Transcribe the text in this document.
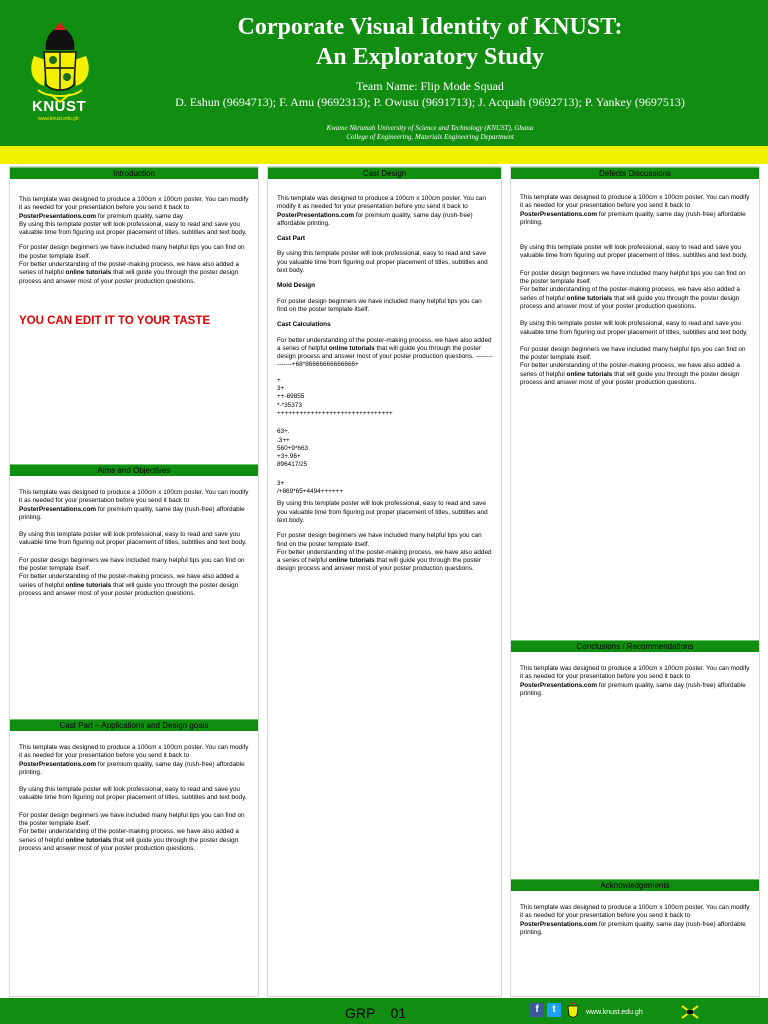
KNUST
www.knust.edu.gh
Corporate Visual Identity of KNUST:
An Exploratory Study
Team Name: Flip Mode Squad
D. Eshun (9694713); F. Amu (9692313); P. Owusu (9691713); J. Acquah (9692713); P. Yankey (9697513)
Kwame Nkrumah University of Science and Technology (KNUST), Ghana
College of Engineering, Materials Engineering Department
Introduction

This template was designed to produce a 100cm x 100cm poster. You can modify it as needed for your presentation before you send it back to PosterPresentations.com for premium quality, same day
By using this template poster will look professional, easy to read and save you valuable time from figuring out proper placement of titles, subtitles and text body.

For poster design beginners we have included many helpful tips you can find on the poster template itself.
For better understanding of the poster-making process, we have also added a series of helpful online tutorials that will guide you through the poster design process and answer most of your poster production questions.

YOU CAN EDIT IT TO YOUR TASTE
Aims and Objectives

This template was designed to produce a 100cm x 100cm poster. You can modify it as needed for your presentation before you send it back to PosterPresentations.com for premium quality, same day (rush-free) affordable printing.

By using this template poster will look professional, easy to read and save you valuable time from figuring out proper placement of titles, subtitles and text body.

For poster design beginners we have included many helpful tips you can find on the poster template itself.
For better understanding of the poster-making process, we have also added a series of helpful online tutorials that will guide you through the poster design process and answer most of your poster production questions.

Cast Part – Applications and Design goals

This template was designed to produce a 100cm x 100cm poster. You can modify it as needed for your presentation before you send it back to PosterPresentations.com for premium quality, same day (rush-free) affordable printing.

By using this template poster will look professional, easy to read and save you valuable time from figuring out proper placement of titles, subtitles and text body.

For poster design beginners we have included many helpful tips you can find on the poster template itself.
For better understanding of the poster-making process, we have also added a series of helpful online tutorials that will guide you through the poster design process and answer most of your poster production questions.

Cast Design

This template was designed to produce a 100cm x 100cm poster. You can modify it as needed for your presentation before you send it back to PosterPresentations.com for premium quality, same day (rush-free) affordable printing.

Cast Part

By using this template poster will look professional, easy to read and save you valuable time from figuring out proper placement of titles, subtitles and text body.

Mold Design

For poster design beginners we have included many helpful tips you can find on the poster template itself.

Cast Calculations

For better understanding of the poster-making process, we have also added a series of helpful online tutorials that will guide you through the poster design process and answer most of your poster production questions. ---------------+68*86666666666666+

+
3+
++-69855
*-*35373
+++++++++++++++++++++++++++++++
63+.
.3++
560+9*663
+3+.96+
896417/25
3+
/+869*65+4494++++++

By using this template poster will look professional, easy to read and save you valuable time from figuring out proper placement of titles, subtitles and text body.

For poster design beginners we have included many helpful tips you can find on the poster template itself.
For better understanding of the poster-making process, we have also added a series of helpful online tutorials that will guide you through the poster design process and answer most of your poster production questions.

Defects Discussions

This template was designed to produce a 100cm x 100cm poster. You can modify it as needed for your presentation before you send it back to PosterPresentations.com for premium quality, same day (rush-free) affordable printing.

By using this template poster will look professional, easy to read and save you valuable time from figuring out proper placement of titles, subtitles and text body.

For poster design beginners we have included many helpful tips you can find on the poster template itself.
For better understanding of the poster-making process, we have also added a series of helpful online tutorials that will guide you through the poster design process and answer most of your poster production questions.

By using this template poster will look professional, easy to read and save you valuable time from figuring out proper placement of titles, subtitles and text body.

For poster design beginners we have included many helpful tips you can find on the poster template itself.
For better understanding of the poster-making process, we have also added a series of helpful online tutorials that will guide you through the poster design process and answer most of your poster production questions.

Conclusions / Recommendations

This template was designed to produce a 100cm x 100cm poster. You can modify it as needed for your presentation before you send it back to PosterPresentations.com for premium quality, same day (rush-free) affordable printing.

Acknowledgements

This template was designed to produce a 100cm x 100cm poster. You can modify it as needed for your presentation before you send it back to PosterPresentations.com for premium quality, same day (rush-free) affordable printing.

GRP    01	f	t	www.knust.edu.gh
